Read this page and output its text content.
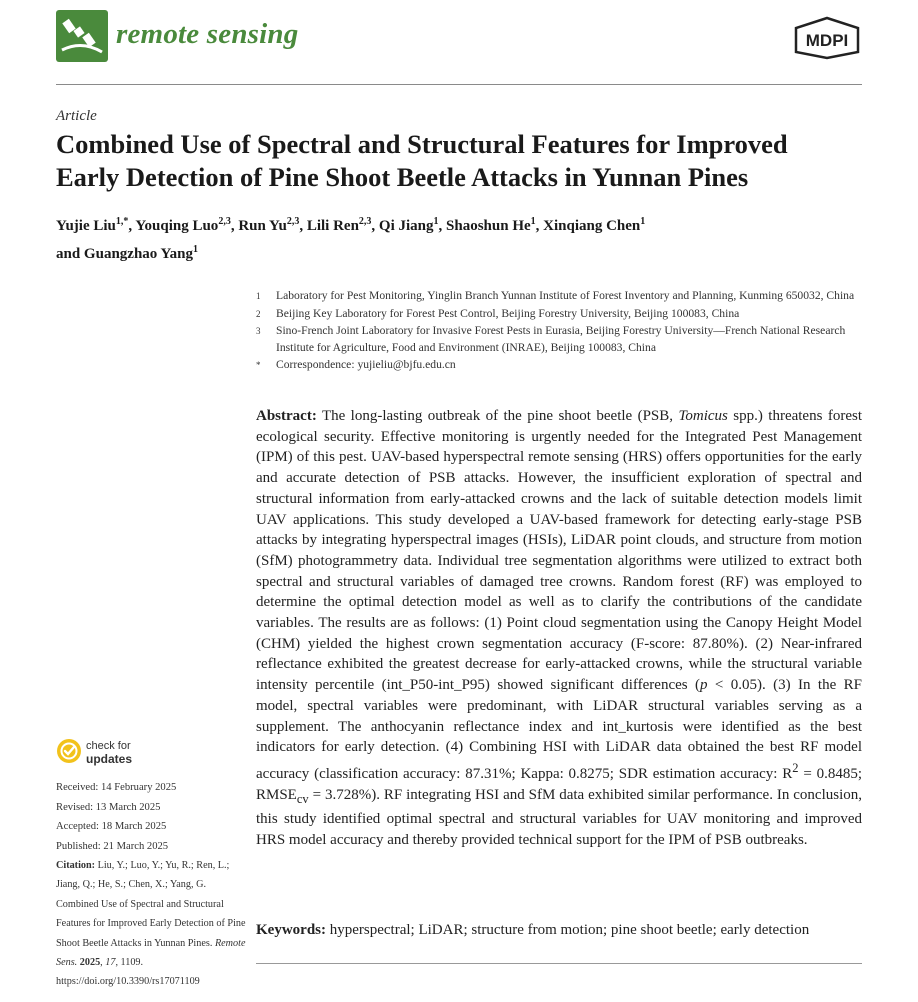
remote sensing	MDPI
Article
Combined Use of Spectral and Structural Features for Improved
Early Detection of Pine Shoot Beetle Attacks in Yunnan Pines
Yujie Liu$^{1,*}$, Youqing Luo$^{2,3}$, Run Yu$^{2,3}$, Lili Ren$^{2,3}$, Qi Jiang$^1$, Shaoshun He$^1$, Xinqiang Chen$^1$
and Guangzhao Yang$^1$
1	Laboratory for Pest Monitoring, Yinglin Branch Yunnan Institute of Forest Inventory and Planning, Kunming 650032, China
2	Beijing Key Laboratory for Forest Pest Control, Beijing Forestry University, Beijing 100083, China
3	Sino-French Joint Laboratory for Invasive Forest Pests in Eurasia, Beijing Forestry University—French National Research Institute for Agriculture, Food and Environment (INRAE), Beijing 100083, China
*	Correspondence: yujieliu@bjfu.edu.cn
Abstract: The long-lasting outbreak of the pine shoot beetle (PSB, Tomicus spp.) threatens forest ecological security. Effective monitoring is urgently needed for the Integrated Pest Management (IPM) of this pest. UAV-based hyperspectral remote sensing (HRS) offers opportunities for the early and accurate detection of PSB attacks. However, the insufficient exploration of spectral and structural information from early-attacked crowns and the lack of suitable detection models limit UAV applications. This study developed a UAV-based framework for detecting early-stage PSB attacks by integrating hyperspectral images (HSIs), LiDAR point clouds, and structure from motion (SfM) photogrammetry data. Individual tree segmentation algorithms were utilized to extract both spectral and structural variables of damaged tree crowns. Random forest (RF) was employed to determine the optimal detection model as well as to clarify the contributions of the candidate variables. The results are as follows: (1) Point cloud segmentation using the Canopy Height Model (CHM) yielded the highest crown segmentation accuracy (F-score: 87.80%). (2) Near-infrared reflectance exhibited the greatest decrease for early-attacked crowns, while the structural variable intensity percentile (int_P50-int_P95) showed significant differences (p < 0.05). (3) In the RF model, spectral variables were predominant, with LiDAR structural variables serving as a supplement. The anthocyanin reflectance index and int_kurtosis were identified as the best indicators for early detection. (4) Combining HSI with LiDAR data obtained the best RF model accuracy (classification accuracy: 87.31%; Kappa: 0.8275; SDR estimation accuracy: $R^2 = 0.8485$; $RMSE_{cv} = 3.728\%$). RF integrating HSI and SfM data exhibited similar performance. In conclusion, this study identified optimal spectral and structural variables for UAV monitoring and improved HRS model accuracy and thereby provided technical support for the IPM of PSB outbreaks.
Keywords: hyperspectral; LiDAR; structure from motion; pine shoot beetle; early detection
check for
updates
Received: 14 February 2025
Revised: 13 March 2025
Accepted: 18 March 2025
Published: 21 March 2025
Citation: Liu, Y.; Luo, Y.; Yu, R.; Ren, L.; Jiang, Q.; He, S.; Chen, X.; Yang, G. Combined Use of Spectral and Structural Features for Improved Early Detection of Pine Shoot Beetle Attacks in Yunnan Pines. Remote Sens. 2025, 17, 1109. https://doi.org/10.3390/rs17071109
